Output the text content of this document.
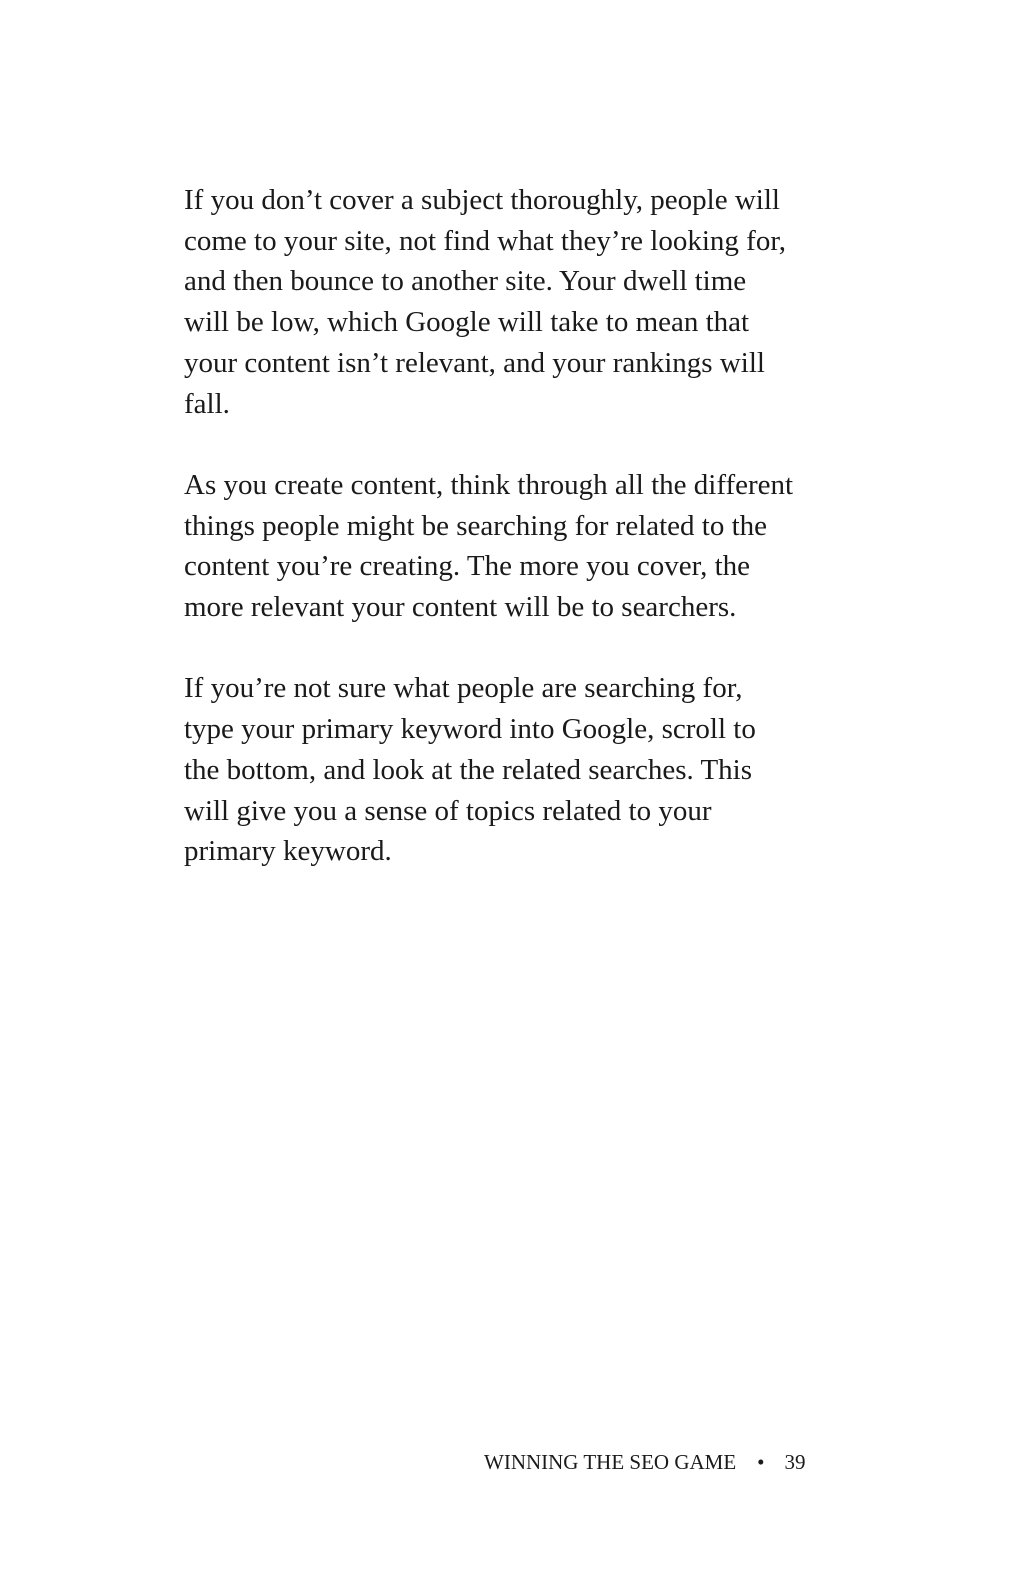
If you don’t cover a subject thoroughly, people will
come to your site, not find what they’re looking for,
and then bounce to another site. Your dwell time
will be low, which Google will take to mean that
your content isn’t relevant, and your rankings will
fall.
As you create content, think through all the different
things people might be searching for related to the
content you’re creating. The more you cover, the
more relevant your content will be to searchers.
If you’re not sure what people are searching for,
type your primary keyword into Google, scroll to
the bottom, and look at the related searches. This
will give you a sense of topics related to your
primary keyword.
WINNING THE SEO GAME • 39
